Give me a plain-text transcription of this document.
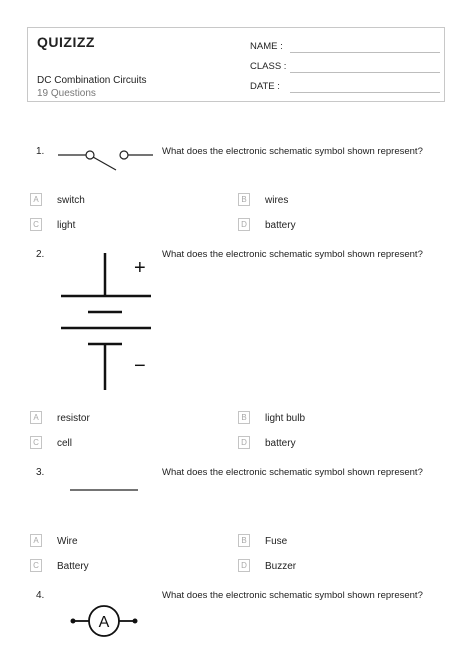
QUIZIZZ
DC Combination Circuits
19 Questions
NAME :
CLASS :
DATE :
1.	What does the electronic schematic symbol shown represent?
A	switch	B	wires
C	light	D	battery
2.
+
−
What does the electronic schematic symbol shown represent?
A	resistor	B	light bulb
C	cell	D	battery
3.	What does the electronic schematic symbol shown represent?
A	Wire	B	Fuse
C	Battery	D	Buzzer
4.
A
What does the electronic schematic symbol shown represent?
